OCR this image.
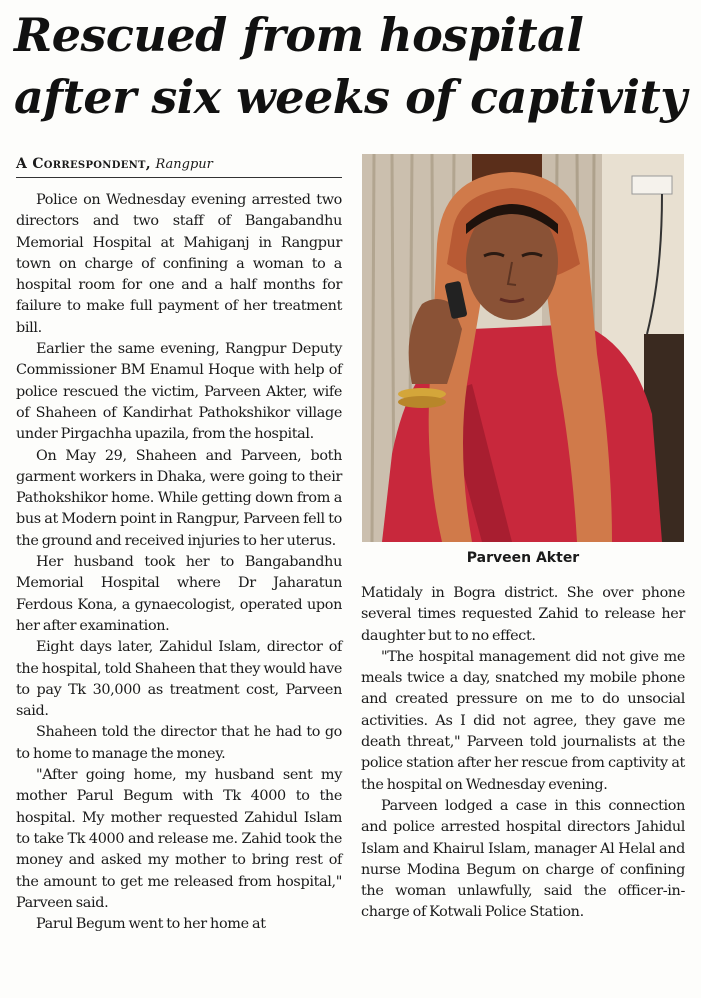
Rescued from hospital after six weeks of captivity
A Correspondent, Rangpur

Police on Wednesday evening arrested two directors and two staff of Bangabandhu Memorial Hospital at Mahiganj in Rangpur town on charge of confining a woman to a hospital room for one and a half months for failure to make full payment of her treatment bill.

Earlier the same evening, Rangpur Deputy Commissioner BM Enamul Hoque with help of police rescued the victim, Parveen Akter, wife of Shaheen of Kandirhat Pathokshikor village under Pirgachha upazila, from the hospital.

On May 29, Shaheen and Parveen, both garment workers in Dhaka, were going to their Pathokshikor home. While getting down from a bus at Modern point in Rangpur, Parveen fell to the ground and received injuries to her uterus.

Her husband took her to Bangabandhu Memorial Hospital where Dr Jaharatun Ferdous Kona, a gynaecologist, operated upon her after examination.

Eight days later, Zahidul Islam, director of the hospital, told Shaheen that they would have to pay Tk 30,000 as treatment cost, Parveen said.

Shaheen told the director that he had to go to home to manage the money.

"After going home, my husband sent my mother Parul Begum with Tk 4000 to the hospital. My mother requested Zahidul Islam to take Tk 4000 and release me. Zahid took the money and asked my mother to bring rest of the amount to get me released from hospital," Parveen said.

Parul Begum went to her home at

Parveen Akter

Matidaly in Bogra district. She over phone several times requested Zahid to release her daughter but to no effect.

"The hospital management did not give me meals twice a day, snatched my mobile phone and created pressure on me to do unsocial activities. As I did not agree, they gave me death threat," Parveen told journalists at the police station after her rescue from captivity at the hospital on Wednesday evening.

Parveen lodged a case in this connection and police arrested hospital directors Jahidul Islam and Khairul Islam, manager Al Helal and nurse Modina Begum on charge of confining the woman unlawfully, said the officer-in-charge of Kotwali Police Station.
